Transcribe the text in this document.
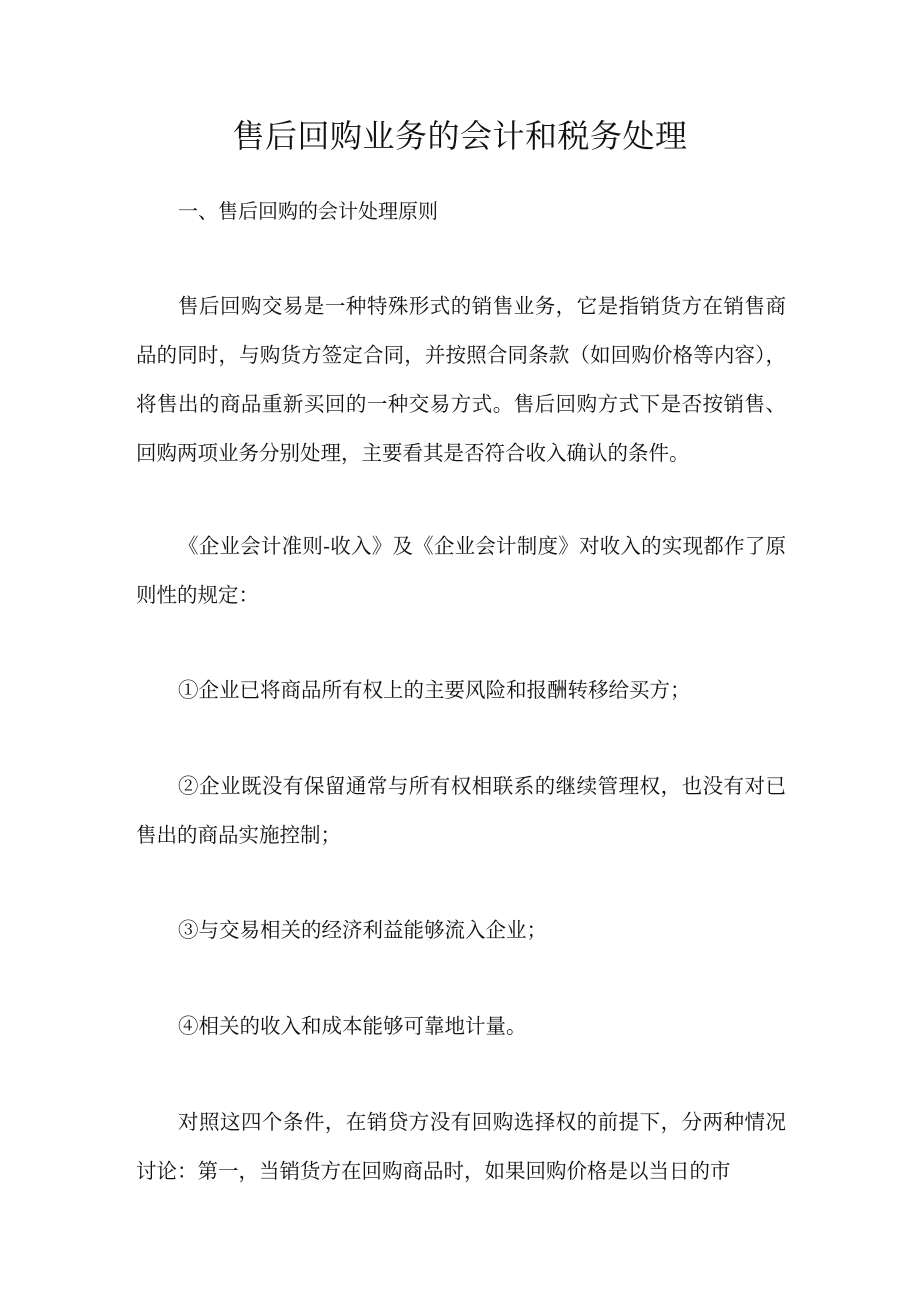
售后回购业务的会计和税务处理
一、售后回购的会计处理原则

售后回购交易是一种特殊形式的销售业务，它是指销货方在销售商品的同时，与购货方签定合同，并按照合同条款（如回购价格等内容），将售出的商品重新买回的一种交易方式。售后回购方式下是否按销售、回购两项业务分别处理，主要看其是否符合收入确认的条件。

《企业会计准则-收入》及《企业会计制度》对收入的实现都作了原则性的规定：

①企业已将商品所有权上的主要风险和报酬转移给买方；

②企业既没有保留通常与所有权相联系的继续管理权，也没有对已售出的商品实施控制；

③与交易相关的经济利益能够流入企业；

④相关的收入和成本能够可靠地计量。

对照这四个条件，在销贷方没有回购选择权的前提下，分两种情况讨论：第一，当销货方在回购商品时，如果回购价格是以当日的市
